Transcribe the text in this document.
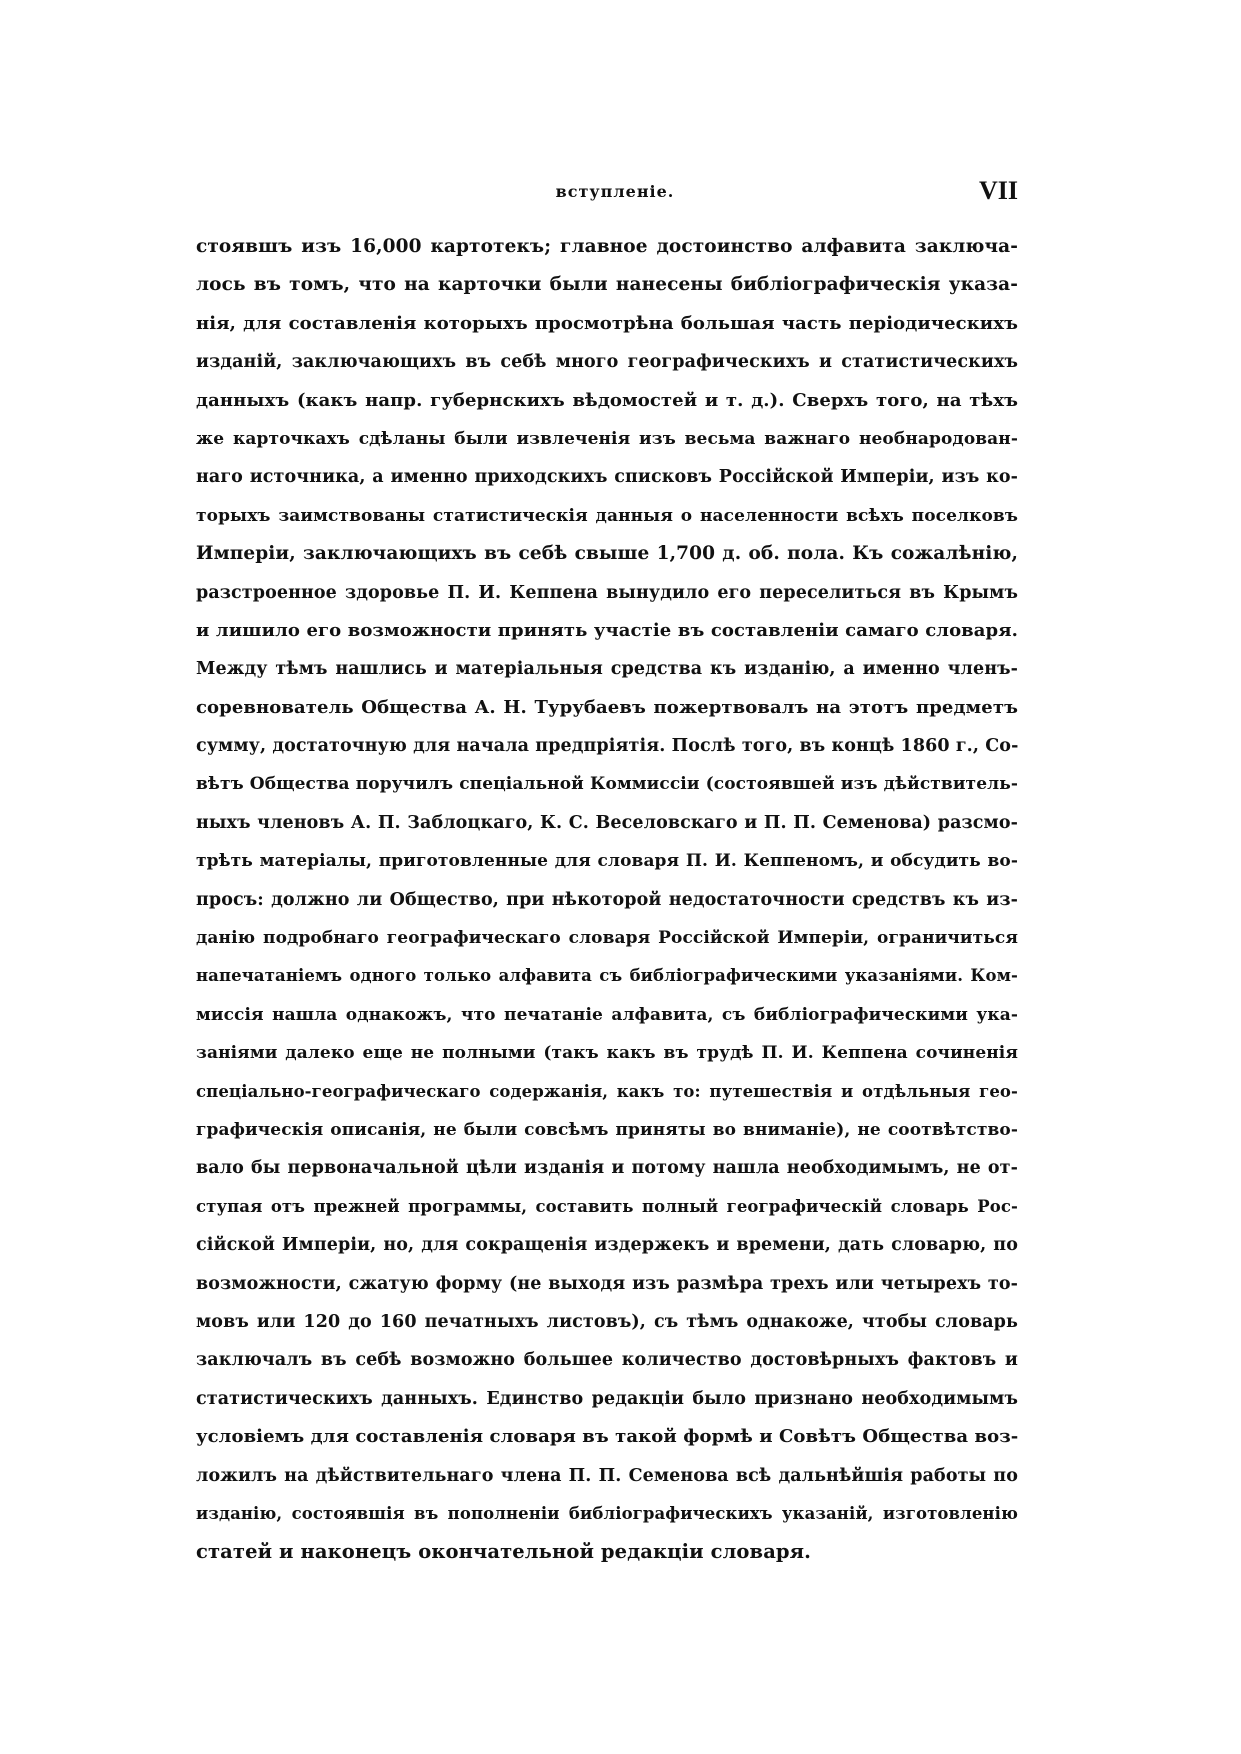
вступленiе.	VII
стоявшъ изъ 16,000 картотекъ; главное достоинство алфавита заключа-
лось въ томъ, что на карточки были нанесены библiографическiя указа-
нiя, для составленiя которыхъ просмотрѣна большая часть перiодическихъ
изданiй, заключающихъ въ себѣ много географическихъ и статистическихъ
данныхъ (какъ напр. губернскихъ вѣдомостей и т. д.). Сверхъ того, на тѣхъ
же карточкахъ сдѣланы были извлеченiя изъ весьма важнаго необнародован-
наго источника, а именно приходскихъ списковъ Россiйской Имперiи, изъ ко-
торыхъ заимствованы статистическiя данныя о населенности всѣхъ поселковъ
Имперiи, заключающихъ въ себѣ свыше 1,700 д. об. пола. Къ сожалѣнiю,
разстроенное здоровье П. И. Кеппена вынудило его переселиться въ Крымъ
и лишило его возможности принять участiе въ составленiи самаго словаря.
Между тѣмъ нашлись и матерiальныя средства къ изданiю, а именно членъ-
соревнователь Общества А. Н. Турубаевъ пожертвовалъ на этотъ предметъ
сумму, достаточную для начала предпрiятiя. Послѣ того, въ концѣ 1860 г., Со-
вѣтъ Общества поручилъ спецiальной Коммиссiи (состоявшей изъ дѣйствитель-
ныхъ членовъ А. П. Заблоцкаго, К. С. Веселовскаго и П. П. Семенова) разсмо-
трѣть матерiалы, приготовленные для словаря П. И. Кеппеномъ, и обсудить во-
просъ: должно ли Общество, при нѣкоторой недостаточности средствъ къ из-
данiю подробнаго географическаго словаря Россiйской Имперiи, ограничиться
напечатанiемъ одного только алфавита съ библiографическими указанiями. Ком-
миссiя нашла однакожъ, что печатанiе алфавита, съ библiографическими ука-
занiями далеко еще не полными (такъ какъ въ трудѣ П. И. Кеппена сочиненiя
спецiально-географическаго содержанiя, какъ то: путешествiя и отдѣльныя гео-
графическiя описанiя, не были совсѣмъ приняты во вниманiе), не соотвѣтство-
вало бы первоначальной цѣли изданiя и потому нашла необходимымъ, не от-
ступая отъ прежней программы, составить полный географическiй словарь Рос-
сiйской Имперiи, но, для сокращенiя издержекъ и времени, дать словарю, по
возможности, сжатую форму (не выходя изъ размѣра трехъ или четырехъ то-
мовъ или 120 до 160 печатныхъ листовъ), съ тѣмъ однакоже, чтобы словарь
заключалъ въ себѣ возможно большее количество достовѣрныхъ фактовъ и
статистическихъ данныхъ. Единство редакцiи было признано необходимымъ
условiемъ для составленiя словаря въ такой формѣ и Совѣтъ Общества воз-
ложилъ на дѣйствительнаго члена П. П. Семенова всѣ дальнѣйшiя работы по
изданiю, состоявшiя въ пополненiи библiографическихъ указанiй, изготовленiю
статей и наконецъ окончательной редакцiи словаря.
